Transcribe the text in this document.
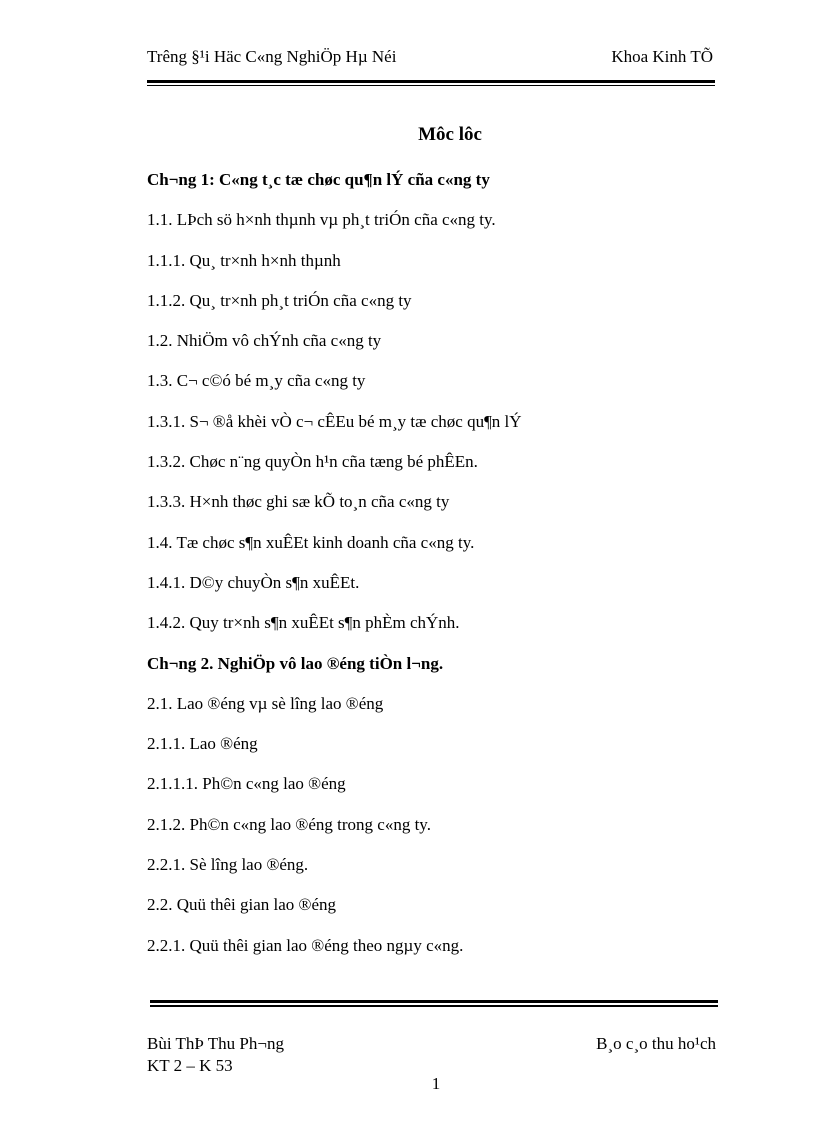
Trêng §¹i Häc C«ng NghiÖp Hµ Néi	Khoa Kinh TÕ
Môc lôc
Ch¬ng 1: C«ng t¸c tæ chøc qu¶n lÝ cña c«ng ty
1.1. LÞch sö h×nh thµnh vµ ph¸t triÓn cña c«ng ty.
1.1.1. Qu¸ tr×nh h×nh thµnh
1.1.2. Qu¸ tr×nh ph¸t triÓn cña c«ng ty
1.2. NhiÖm vô chÝnh cña c«ng ty
1.3. C¬ c©ó bé m¸y cña c«ng ty
1.3.1. S¬ ®å khèi vÒ c¬ cÊEu bé m¸y tæ chøc qu¶n lÝ
1.3.2. Chøc n¨ng quyÒn h¹n cña tæng bé phÊEn.
1.3.3. H×nh thøc ghi sæ kÕ to¸n cña c«ng ty
1.4. Tæ chøc s¶n xuÊEt kinh doanh cña c«ng ty.
1.4.1. D©y chuyÒn s¶n xuÊEt.
1.4.2. Quy tr×nh s¶n xuÊEt s¶n phÈm chÝnh.
Ch¬ng 2. NghiÖp vô lao ®éng tiÒn l¬ng.
2.1. Lao ®éng vµ sè lîng lao ®éng
2.1.1. Lao ®éng
2.1.1.1. Ph©n c«ng lao ®éng
2.1.2. Ph©n c«ng lao ®éng trong c«ng ty.
2.2.1. Sè lîng lao ®éng.
2.2. Quü thêi gian lao ®éng
2.2.1. Quü thêi gian lao ®éng theo ngµy c«ng.
Bùi ThÞ Thu Ph¬ng
KT 2 – K 53
B¸o c¸o thu ho¹ch
1
